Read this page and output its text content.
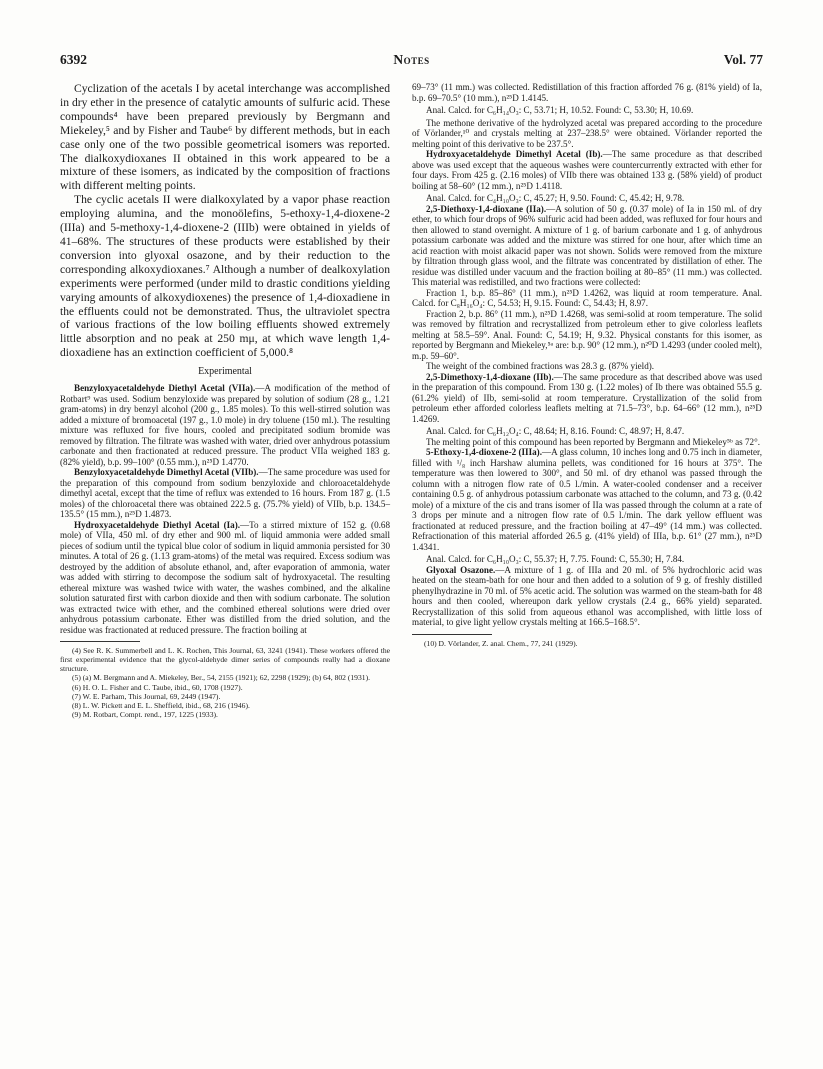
6392	Notes	Vol. 77

Cyclization of the acetals I by acetal interchange was accomplished in dry ether in the presence of catalytic amounts of sulfuric acid. These compounds⁴ have been prepared previously by Bergmann and Miekeley,⁵ and by Fisher and Taube⁶ by different methods, but in each case only one of the two possible geometrical isomers was reported. The dialkoxydioxanes II obtained in this work appeared to be a mixture of these isomers, as indicated by the composition of fractions with different melting points.

The cyclic acetals II were dialkoxylated by a vapor phase reaction employing alumina, and the monoölefins, 5-ethoxy-1,4-dioxene-2 (IIIa) and 5-methoxy-1,4-dioxene-2 (IIIb) were obtained in yields of 41–68%. The structures of these products were established by their conversion into glyoxal osazone, and by their reduction to the corresponding alkoxydioxanes.⁷ Although a number of dealkoxylation experiments were performed (under mild to drastic conditions yielding varying amounts of alkoxydioxenes) the presence of 1,4-dioxadiene in the effluents could not be demonstrated. Thus, the ultraviolet spectra of various fractions of the low boiling effluents showed extremely little absorption and no peak at 250 mμ, at which wave length 1,4-dioxadiene has an extinction coefficient of 5,000.⁸

Experimental

Benzyloxyacetaldehyde Diethyl Acetal (VIIa).—A modification of the method of Rotbart⁹ was used. Sodium benzyloxide was prepared by solution of sodium (28 g., 1.21 gram-atoms) in dry benzyl alcohol (200 g., 1.85 moles). To this well-stirred solution was added a mixture of bromoacetal (197 g., 1.0 mole) in dry toluene (150 ml.). The resulting mixture was refluxed for five hours, cooled and precipitated sodium bromide was removed by filtration. The filtrate was washed with water, dried over anhydrous potassium carbonate and then fractionated at reduced pressure. The product VIIa weighed 183 g. (82% yield), b.p. 99–100° (0.55 mm.), n²⁵D 1.4770.

Benzyloxyacetaldehyde Dimethyl Acetal (VIIb).—The same procedure was used for the preparation of this compound from sodium benzyloxide and chloroacetaldehyde dimethyl acetal, except that the time of reflux was extended to 16 hours. From 187 g. (1.5 moles) of the chloroacetal there was obtained 222.5 g. (75.7% yield) of VIIb, b.p. 134.5–135.5° (15 mm.), n²⁵D 1.4873.

Hydroxyacetaldehyde Diethyl Acetal (Ia).—To a stirred mixture of 152 g. (0.68 mole) of VIIa, 450 ml. of dry ether and 900 ml. of liquid ammonia were added small pieces of sodium until the typical blue color of sodium in liquid ammonia persisted for 30 minutes. A total of 26 g. (1.13 gram-atoms) of the metal was required. Excess sodium was destroyed by the addition of absolute ethanol, and, after evaporation of ammonia, water was added with stirring to decompose the sodium salt of hydroxyacetal. The resulting ethereal mixture was washed twice with water, the washes combined, and the alkaline solution saturated first with carbon dioxide and then with sodium carbonate. The solution was extracted twice with ether, and the combined ethereal solutions were dried over anhydrous potassium carbonate. Ether was distilled from the dried solution, and the residue was fractionated at reduced pressure. The fraction boiling at

(4) See R. K. Summerbell and L. K. Rochen, This Journal, 63, 3241 (1941). These workers offered the first experimental evidence that the glycol-aldehyde dimer series of compounds really had a dioxane structure.

(5) (a) M. Bergmann and A. Miekeley, Ber., 54, 2155 (1921); 62, 2298 (1929); (b) 64, 802 (1931).

(6) H. O. L. Fisher and C. Taube, ibid., 60, 1708 (1927).

(7) W. E. Parham, This Journal, 69, 2449 (1947).

(8) L. W. Pickett and E. L. Sheffield, ibid., 68, 216 (1946).

(9) M. Rotbart, Compt. rend., 197, 1225 (1933).

69–73° (11 mm.) was collected. Redistillation of this fraction afforded 76 g. (81% yield) of Ia, b.p. 69–70.5° (10 mm.), n²⁵D 1.4145.

Anal. Calcd. for C₆H₁₄O₃: C, 53.71; H, 10.52. Found: C, 53.30; H, 10.69.

The methone derivative of the hydrolyzed acetal was prepared according to the procedure of Vörlander,¹⁰ and crystals melting at 237–238.5° were obtained. Vörlander reported the melting point of this derivative to be 237.5°.

Hydroxyacetaldehyde Dimethyl Acetal (Ib).—The same procedure as that described above was used except that the aqueous washes were countercurrently extracted with ether for four days. From 425 g. (2.16 moles) of VIIb there was obtained 133 g. (58% yield) of product boiling at 58–60° (12 mm.), n²⁵D 1.4118.

Anal. Calcd. for C₄H₁₀O₃: C, 45.27; H, 9.50. Found: C, 45.42; H, 9.78.

2,5-Diethoxy-1,4-dioxane (IIa).—A solution of 50 g. (0.37 mole) of Ia in 150 ml. of dry ether, to which four drops of 96% sulfuric acid had been added, was refluxed for four hours and then allowed to stand overnight. A mixture of 1 g. of barium carbonate and 1 g. of anhydrous potassium carbonate was added and the mixture was stirred for one hour, after which time an acid reaction with moist alkacid paper was not shown. Solids were removed from the mixture by filtration through glass wool, and the filtrate was concentrated by distillation of ether. The residue was distilled under vacuum and the fraction boiling at 80–85° (11 mm.) was collected. This material was redistilled, and two fractions were collected:

Fraction 1, b.p. 85–86° (11 mm.), n²⁵D 1.4262, was liquid at room temperature. Anal. Calcd. for C₈H₁₆O₄: C, 54.53; H, 9.15. Found: C, 54.43; H, 8.97.

Fraction 2, b.p. 86° (11 mm.), n²⁵D 1.4268, was semi-solid at room temperature. The solid was removed by filtration and recrystallized from petroleum ether to give colorless leaflets melting at 58.5–59°. Anal. Found: C, 54.19; H, 9.32. Physical constants for this isomer, as reported by Bergmann and Miekeley,⁵ᵃ are: b.p. 90° (12 mm.), n²⁰D 1.4293 (under cooled melt), m.p. 59–60°.

The weight of the combined fractions was 28.3 g. (87% yield).

2,5-Dimethoxy-1,4-dioxane (IIb).—The same procedure as that described above was used in the preparation of this compound. From 130 g. (1.22 moles) of Ib there was obtained 55.5 g. (61.2% yield) of IIb, semi-solid at room temperature. Crystallization of the solid from petroleum ether afforded colorless leaflets melting at 71.5–73°, b.p. 64–66° (12 mm.), n²⁵D 1.4269.

Anal. Calcd. for C₆H₁₂O₄: C, 48.64; H, 8.16. Found: C, 48.97; H, 8.47.

The melting point of this compound has been reported by Bergmann and Miekeley⁵ᵇ as 72°.

5-Ethoxy-1,4-dioxene-2 (IIIa).—A glass column, 10 inches long and 0.75 inch in diameter, filled with ¹/₈ inch Harshaw alumina pellets, was conditioned for 16 hours at 375°. The temperature was then lowered to 300°, and 50 ml. of dry ethanol was passed through the column with a nitrogen flow rate of 0.5 l./min. A water-cooled condenser and a receiver containing 0.5 g. of anhydrous potassium carbonate was attached to the column, and 73 g. (0.42 mole) of a mixture of the cis and trans isomer of IIa was passed through the column at a rate of 3 drops per minute and a nitrogen flow rate of 0.5 l./min. The dark yellow effluent was fractionated at reduced pressure, and the fraction boiling at 47–49° (14 mm.) was collected. Refractionation of this material afforded 26.5 g. (41% yield) of IIIa, b.p. 61° (27 mm.), n²⁵D 1.4341.

Anal. Calcd. for C₆H₁₀O₃: C, 55.37; H, 7.75. Found: C, 55.30; H, 7.84.

Glyoxal Osazone.—A mixture of 1 g. of IIIa and 20 ml. of 5% hydrochloric acid was heated on the steam-bath for one hour and then added to a solution of 9 g. of freshly distilled phenylhydrazine in 70 ml. of 5% acetic acid. The solution was warmed on the steam-bath for 48 hours and then cooled, whereupon dark yellow crystals (2.4 g., 66% yield) separated. Recrystallization of this solid from aqueous ethanol was accomplished, with little loss of material, to give light yellow crystals melting at 166.5–168.5°.

(10) D. Vörlander, Z. anal. Chem., 77, 241 (1929).
